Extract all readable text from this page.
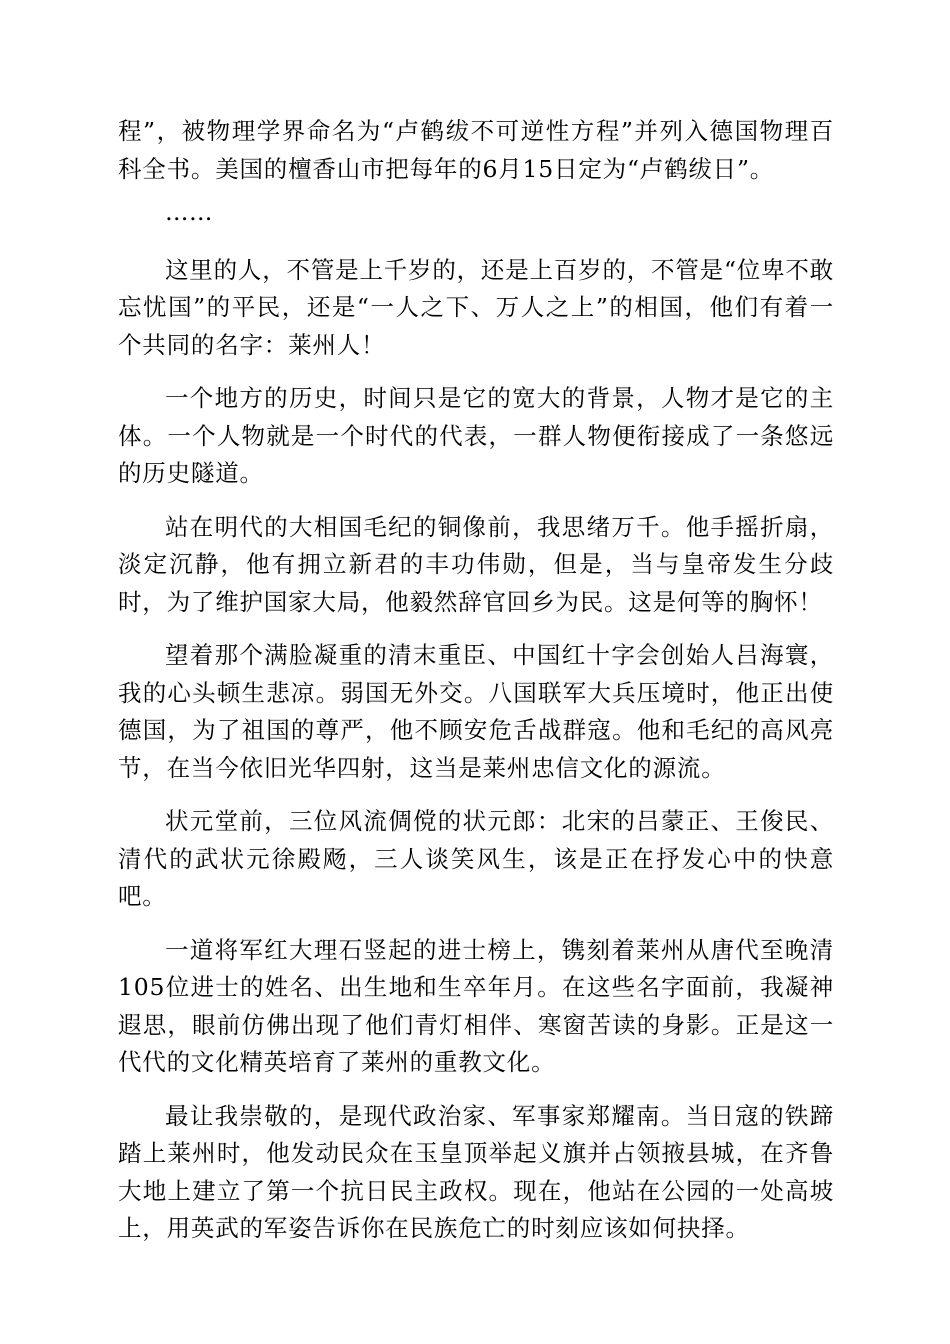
程”，被物理学界命名为“卢鹤绂不可逆性方程”并列入德国物理百科全书。美国的檀香山市把每年的6月15日定为“卢鹤绂日”。

……

这里的人，不管是上千岁的，还是上百岁的，不管是“位卑不敢忘忧国”的平民，还是“一人之下、万人之上”的相国，他们有着一个共同的名字：莱州人！

一个地方的历史，时间只是它的宽大的背景，人物才是它的主体。一个人物就是一个时代的代表，一群人物便衔接成了一条悠远的历史隧道。

站在明代的大相国毛纪的铜像前，我思绪万千。他手摇折扇，淡定沉静，他有拥立新君的丰功伟勋，但是，当与皇帝发生分歧时，为了维护国家大局，他毅然辞官回乡为民。这是何等的胸怀！

望着那个满脸凝重的清末重臣、中国红十字会创始人吕海寰，我的心头顿生悲凉。弱国无外交。八国联军大兵压境时，他正出使德国，为了祖国的尊严，他不顾安危舌战群寇。他和毛纪的高风亮节，在当今依旧光华四射，这当是莱州忠信文化的源流。

状元堂前，三位风流倜傥的状元郎：北宋的吕蒙正、王俊民、清代的武状元徐殿飏，三人谈笑风生，该是正在抒发心中的快意吧。

一道将军红大理石竖起的进士榜上，镌刻着莱州从唐代至晚清105位进士的姓名、出生地和生卒年月。在这些名字面前，我凝神遐思，眼前仿佛出现了他们青灯相伴、寒窗苦读的身影。正是这一代代的文化精英培育了莱州的重教文化。

最让我崇敬的，是现代政治家、军事家郑耀南。当日寇的铁蹄踏上莱州时，他发动民众在玉皇顶举起义旗并占领掖县城，在齐鲁大地上建立了第一个抗日民主政权。现在，他站在公园的一处高坡上，用英武的军姿告诉你在民族危亡的时刻应该如何抉择。
